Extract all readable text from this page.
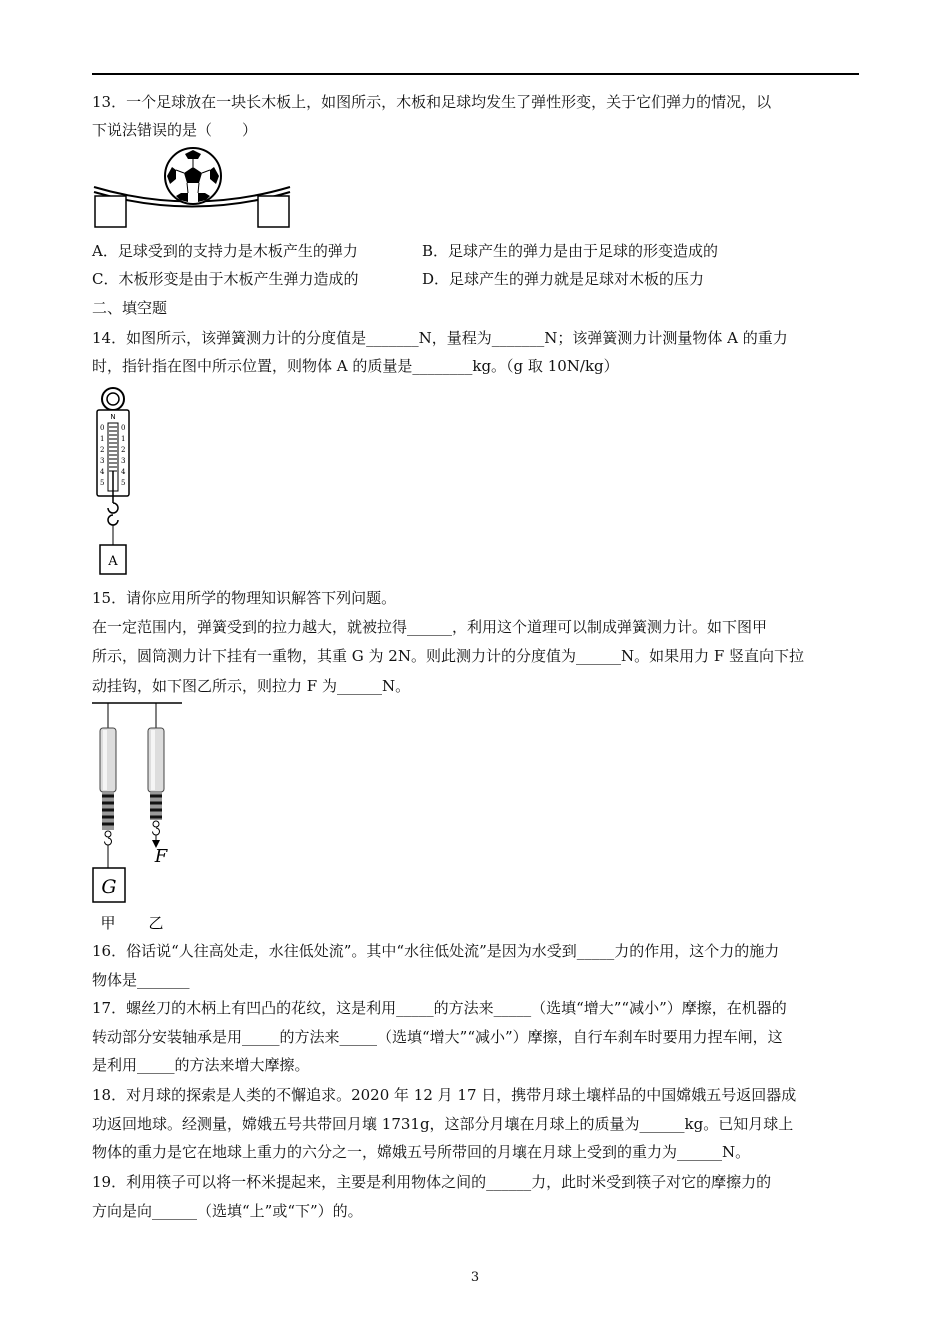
13．一个足球放在一块长木板上，如图所示，木板和足球均发生了弹性形变，关于它们弹力的情况，以
下说法错误的是（　　）
A．足球受到的支持力是木板产生的弹力	B．足球产生的弹力是由于足球的形变造成的
C．木板形变是由于木板产生弹力造成的	D．足球产生的弹力就是足球对木板的压力
二、填空题
14．如图所示，该弹簧测力计的分度值是_______N，量程为_______N；该弹簧测力计测量物体 A 的重力
时，指针指在图中所示位置，则物体 A 的质量是________kg。（g 取 10N/kg）
N
0
1
2
3
4
5
0
1
2
3
4
5
A
15．请你应用所学的物理知识解答下列问题。
在一定范围内，弹簧受到的拉力越大，就被拉得______，利用这个道理可以制成弹簧测力计。如下图甲
所示，圆筒测力计下挂有一重物，其重 G 为 2N。则此测力计的分度值为______N。如果用力 F 竖直向下拉
动挂钩，如下图乙所示，则拉力 F 为______N。
G
F
甲 乙
16．俗话说“人往高处走，水往低处流”。其中“水往低处流”是因为水受到_____力的作用，这个力的施力
物体是_______
17．螺丝刀的木柄上有凹凸的花纹，这是利用_____的方法来_____（选填“增大”“减小”）摩擦，在机器的
转动部分安装轴承是用_____的方法来_____（选填“增大”“减小”）摩擦，自行车刹车时要用力捏车闸，这
是利用_____的方法来增大摩擦。
18．对月球的探索是人类的不懈追求。2020 年 12 月 17 日，携带月球土壤样品的中国嫦娥五号返回器成
功返回地球。经测量，嫦娥五号共带回月壤 1731g，这部分月壤在月球上的质量为______kg。已知月球上
物体的重力是它在地球上重力的六分之一，嫦娥五号所带回的月壤在月球上受到的重力为______N。
19．利用筷子可以将一杯米提起来，主要是利用物体之间的______力，此时米受到筷子对它的摩擦力的
方向是向______（选填“上”或“下”）的。
3
